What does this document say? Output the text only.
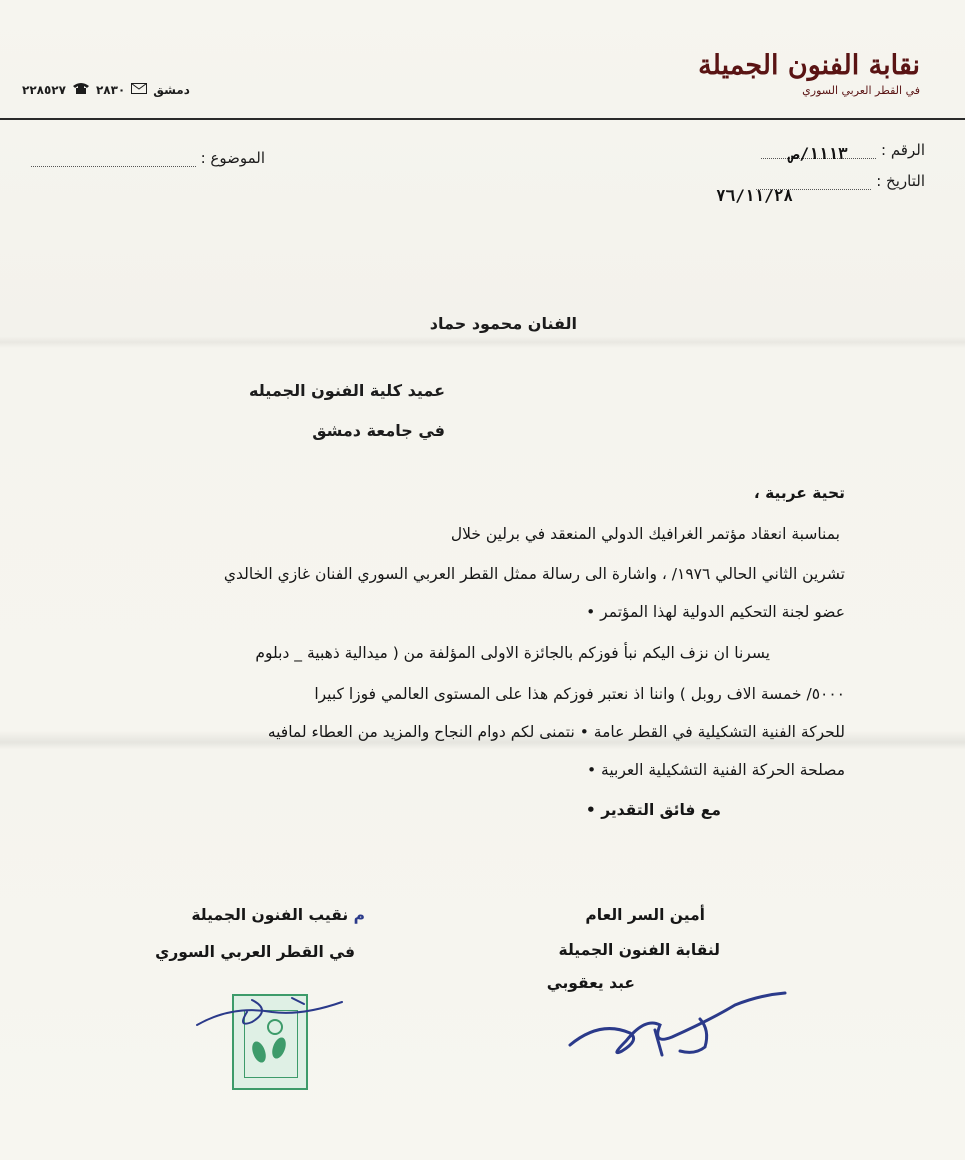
نقابة الفنون الجميلة
في القطر العربي السوري
٢٢٨٥٢٧	٢٨٣٠ دمشق
الرقم : ١١١٣/ص
التاريخ :
٧٦/١١/٢٨
الموضوع :
الفنان محمود حماد
عميد كلية الفنون الجميله
في جامعة دمشق
تحية عربية ،
بمناسبة انعقاد مؤتمر الغرافيك الدولي المنعقد في برلين خلال
تشرين الثاني الحالي ١٩٧٦/ ، واشارة الى رسالة ممثل القطر العربي السوري الفنان غازي الخالدي
عضو لجنة التحكيم الدولية لهذا المؤتمر •
يسرنا ان نزف اليكم نبأ فوزكم بالجائزة الاولى المؤلفة من ( ميدالية ذهبية _ دبلوم
٥٠٠٠/ خمسة الاف روبل ) واننا اذ نعتبر فوزكم هذا على المستوى العالمي فوزا كبيرا
للحركة الفنية التشكيلية في القطر عامة • نتمنى لكم دوام النجاح والمزيد من العطاء لمافيه
مصلحة الحركة الفنية التشكيلية العربية •
مع فائق التقدير •
أمين السر العام
لنقابة الفنون الجميلة
عبد يعقوبي
م نقيب الفنون الجميلة
في القطر العربي السوري
